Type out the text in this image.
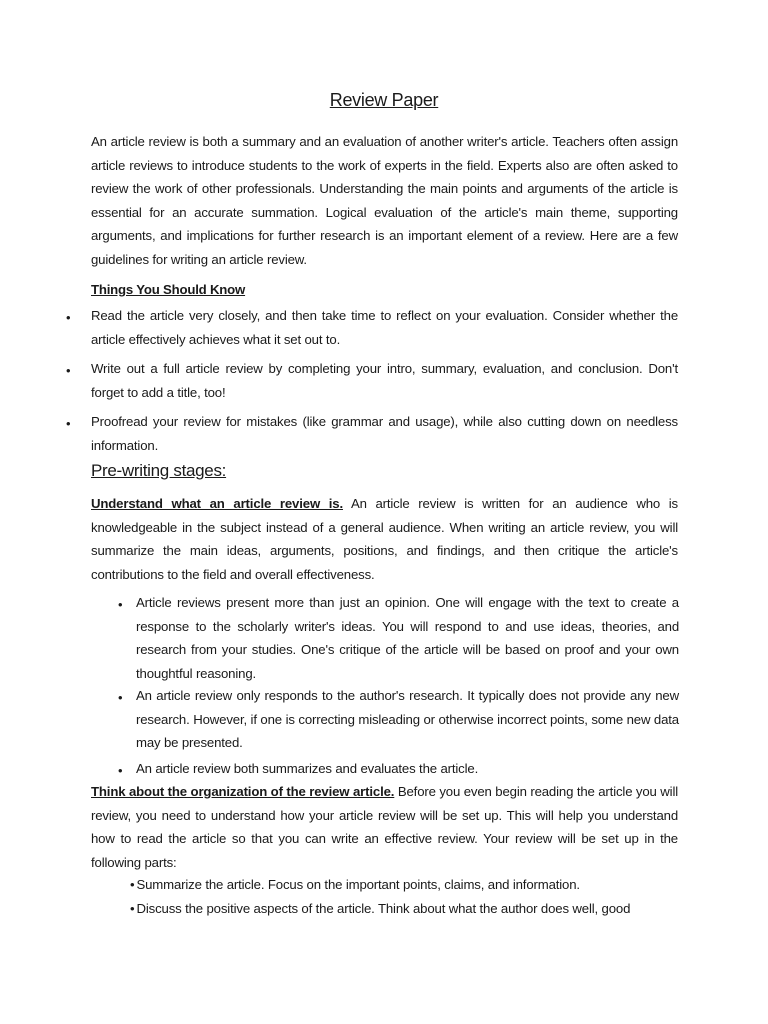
Review Paper
An article review is both a summary and an evaluation of another writer's article. Teachers often assign article reviews to introduce students to the work of experts in the field. Experts also are often asked to review the work of other professionals. Understanding the main points and arguments of the article is essential for an accurate summation. Logical evaluation of the article's main theme, supporting arguments, and implications for further research is an important element of a review. Here are a few guidelines for writing an article review.
Things You Should Know
• Read the article very closely, and then take time to reflect on your evaluation. Consider whether the article effectively achieves what it set out to.
• Write out a full article review by completing your intro, summary, evaluation, and conclusion. Don't forget to add a title, too!
• Proofread your review for mistakes (like grammar and usage), while also cutting down on needless information.
Pre-writing stages:
Understand what an article review is. An article review is written for an audience who is knowledgeable in the subject instead of a general audience. When writing an article review, you will summarize the main ideas, arguments, positions, and findings, and then critique the article's contributions to the field and overall effectiveness.
• Article reviews present more than just an opinion. One will engage with the text to create a response to the scholarly writer's ideas. You will respond to and use ideas, theories, and research from your studies. One's critique of the article will be based on proof and your own thoughtful reasoning.
• An article review only responds to the author's research. It typically does not provide any new research. However, if one is correcting misleading or otherwise incorrect points, some new data may be presented.
• An article review both summarizes and evaluates the article.
Think about the organization of the review article. Before you even begin reading the article you will review, you need to understand how your article review will be set up. This will help you understand how to read the article so that you can write an effective review. Your review will be set up in the following parts:
• Summarize the article. Focus on the important points, claims, and information.
• Discuss the positive aspects of the article. Think about what the author does well, good
